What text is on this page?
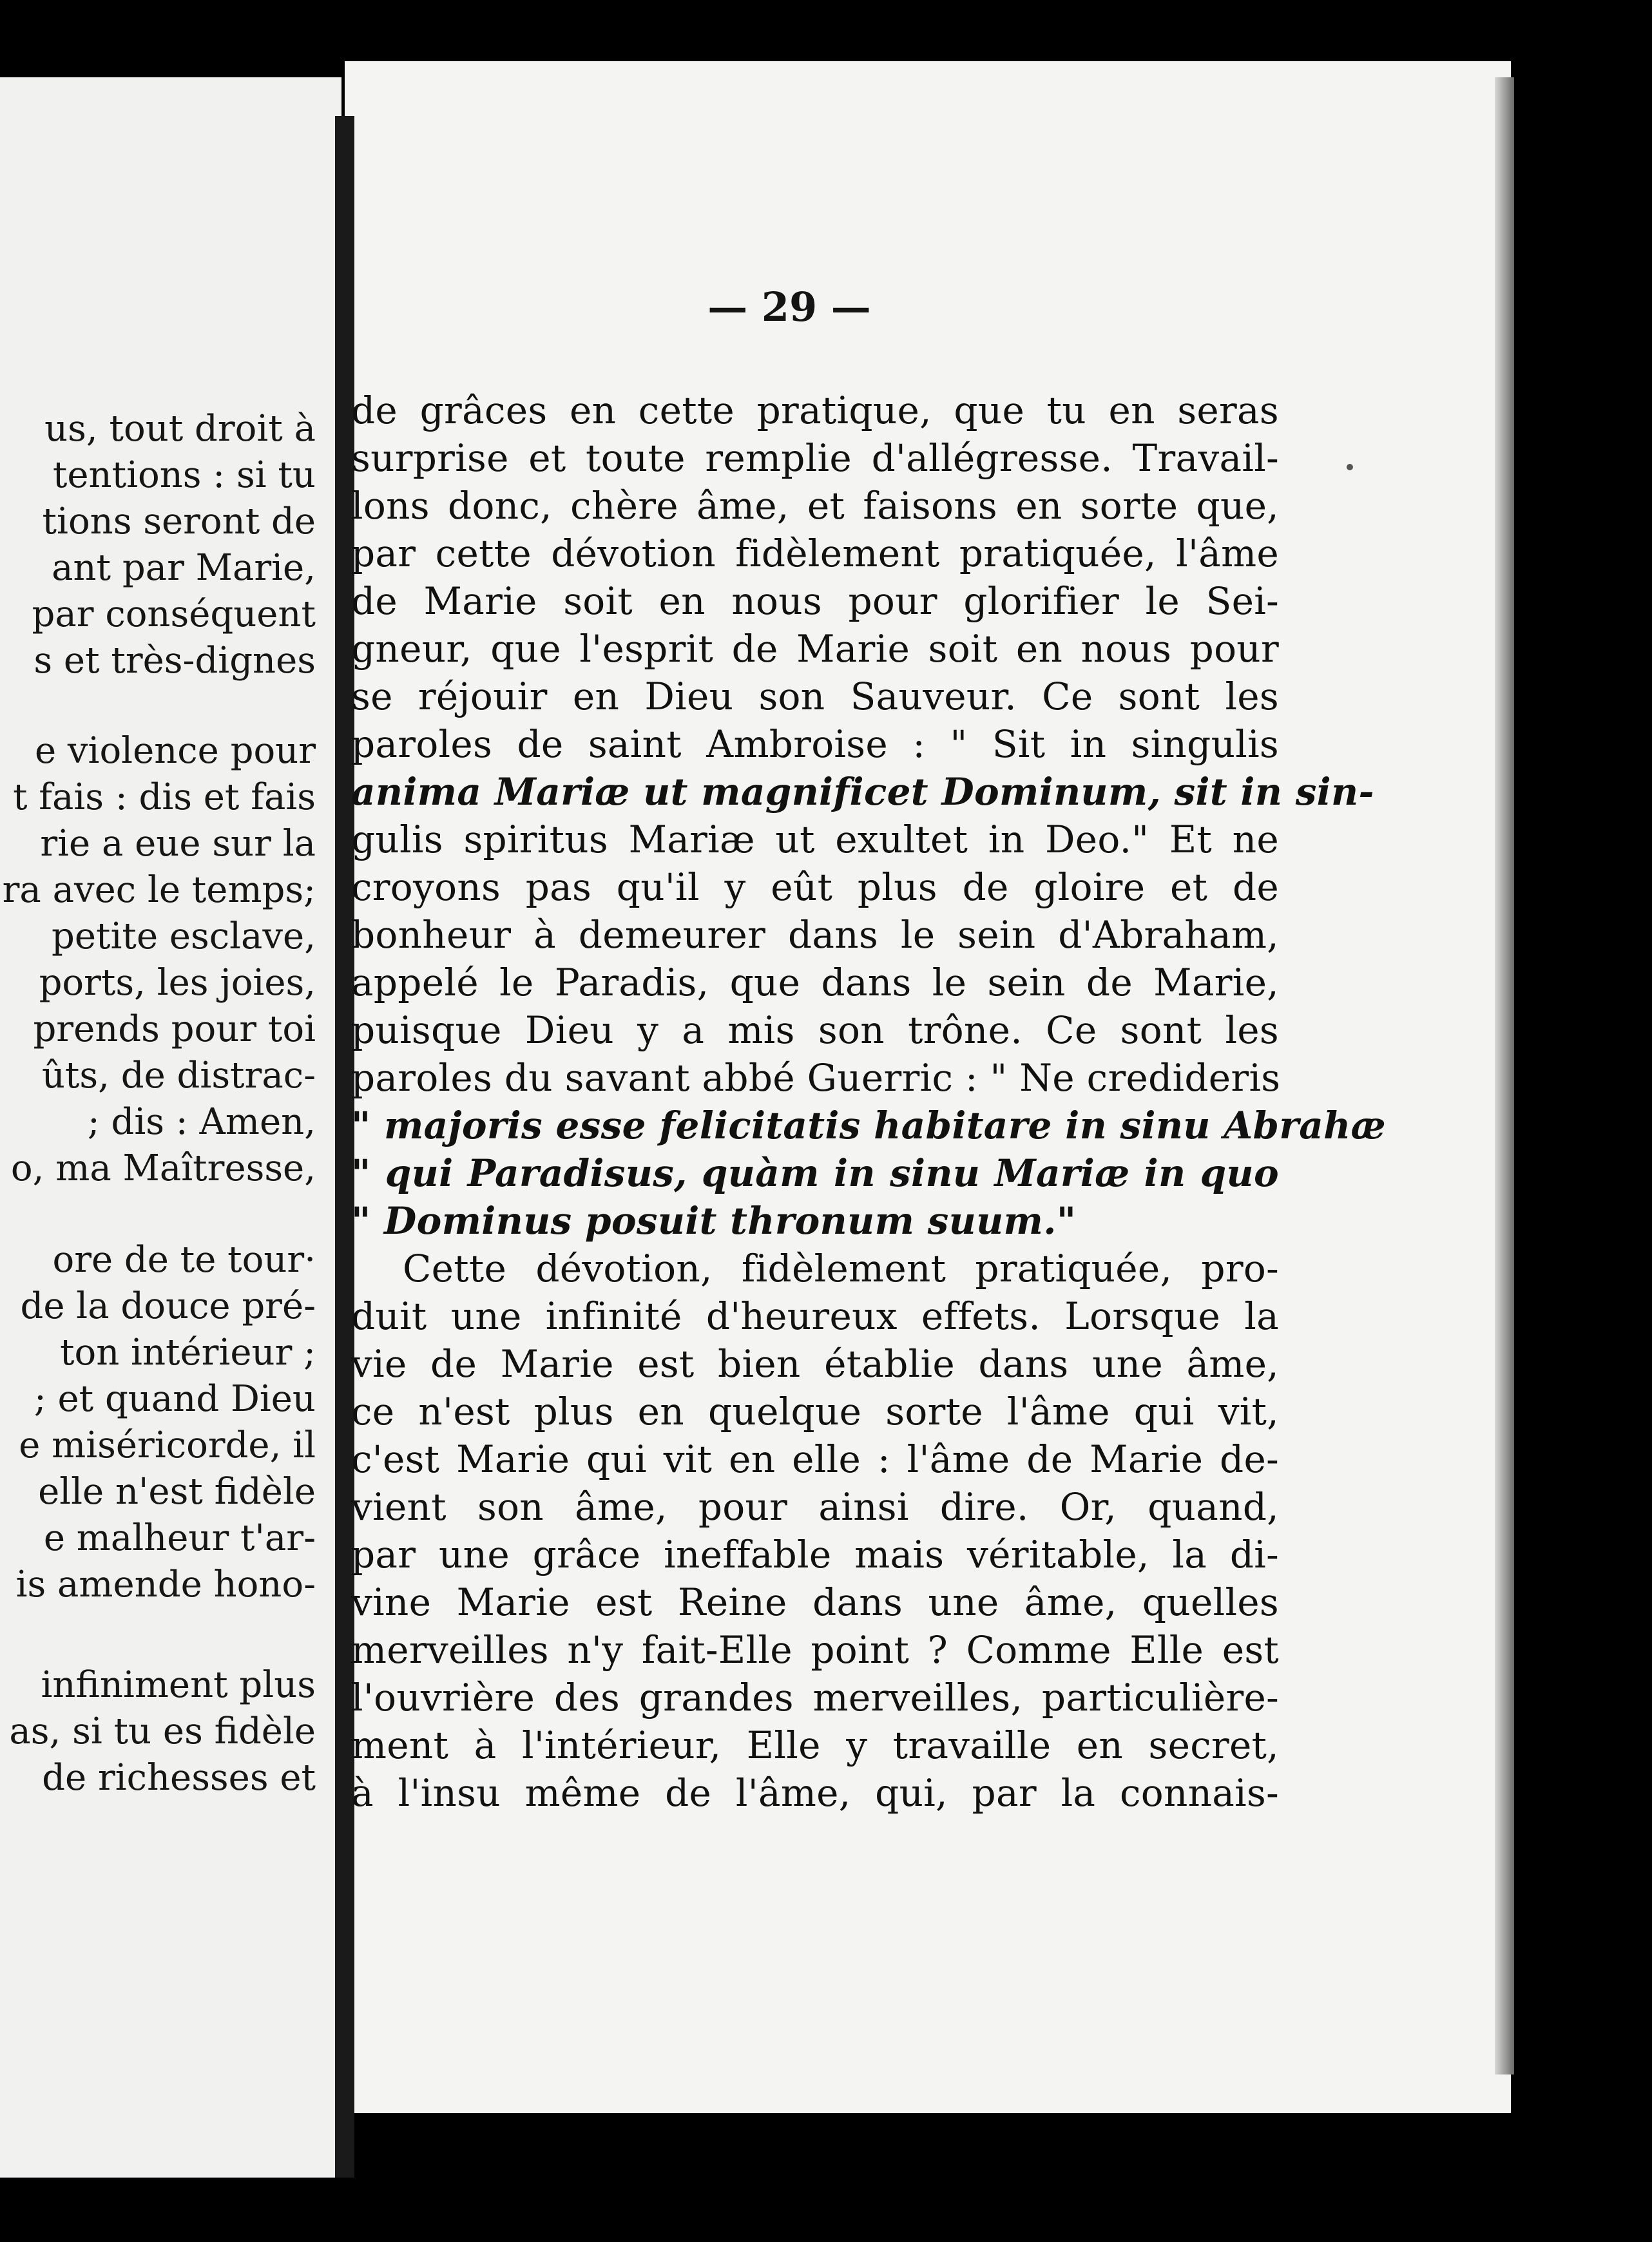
us, tout droit à
tentions : si tu
tions seront de
ant par Marie,
par conséquent
s et très-dignes
e violence pour
t fais : dis et fais
rie a eue sur la
ra avec le temps;
petite esclave,
ports, les joies,
prends pour toi
ûts, de distrac-
; dis : Amen,
o, ma Maîtresse,
ore de te tour·
de la douce pré-
ton intérieur ;
; et quand Dieu
e miséricorde, il
elle n'est fidèle
e malheur t'ar-
is amende hono-
infiniment plus
as, si tu es fidèle
de richesses et
— 29 —
de grâces en cette pratique, que tu en seras
surprise et toute remplie d'allégresse. Travail-
lons donc, chère âme, et faisons en sorte que,
par cette dévotion fidèlement pratiquée, l'âme
de Marie soit en nous pour glorifier le Sei-
gneur, que l'esprit de Marie soit en nous pour
se réjouir en Dieu son Sauveur. Ce sont les
paroles de saint Ambroise : " Sit in singulis
anima Mariæ ut magnificet Dominum, sit in sin-
gulis spiritus Mariæ ut exultet in Deo." Et ne
croyons pas qu'il y eût plus de gloire et de
bonheur à demeurer dans le sein d'Abraham,
appelé le Paradis, que dans le sein de Marie,
puisque Dieu y a mis son trône. Ce sont les
paroles du savant abbé Guerric : " Ne credideris
" majoris esse felicitatis habitare in sinu Abrahæ
" qui Paradisus, quàm in sinu Mariæ in quo
" Dominus posuit thronum suum."
Cette dévotion, fidèlement pratiquée, pro-
duit une infinité d'heureux effets. Lorsque la
vie de Marie est bien établie dans une âme,
ce n'est plus en quelque sorte l'âme qui vit,
c'est Marie qui vit en elle : l'âme de Marie de-
vient son âme, pour ainsi dire. Or, quand,
par une grâce ineffable mais véritable, la di-
vine Marie est Reine dans une âme, quelles
merveilles n'y fait-Elle point ? Comme Elle est
l'ouvrière des grandes merveilles, particulière-
ment à l'intérieur, Elle y travaille en secret,
à l'insu même de l'âme, qui, par la connais-
